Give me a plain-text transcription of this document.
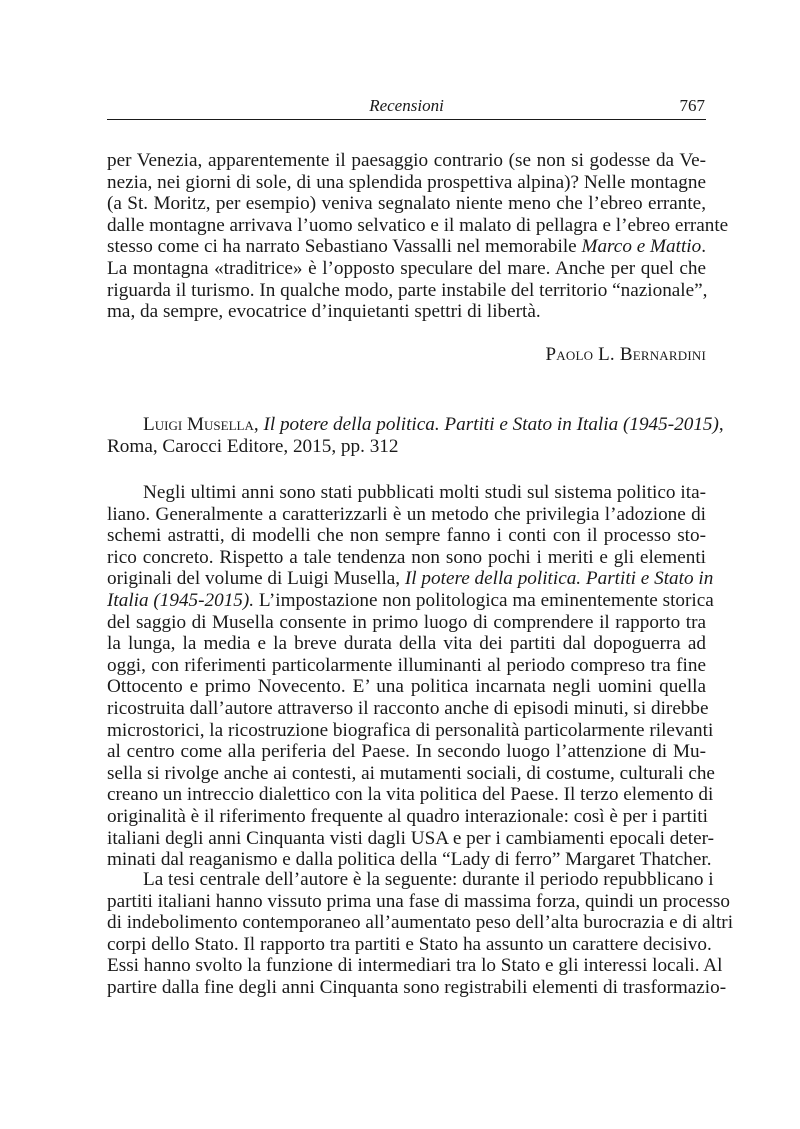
Recensioni	767
per Venezia, apparentemente il paesaggio contrario (se non si godesse da Ve-
nezia, nei giorni di sole, di una splendida prospettiva alpina)? Nelle montagne
(a St. Moritz, per esempio) veniva segnalato niente meno che l’ebreo errante,
dalle montagne arrivava l’uomo selvatico e il malato di pellagra e l’ebreo errante
stesso come ci ha narrato Sebastiano Vassalli nel memorabile Marco e Mattio.
La montagna «traditrice» è l’opposto speculare del mare. Anche per quel che
riguarda il turismo. In qualche modo, parte instabile del territorio “nazionale”,
ma, da sempre, evocatrice d’inquietanti spettri di libertà.
Paolo L. Bernardini
Luigi Musella, Il potere della politica. Partiti e Stato in Italia (1945-2015),
Roma, Carocci Editore, 2015, pp. 312
Negli ultimi anni sono stati pubblicati molti studi sul sistema politico ita-
liano. Generalmente a caratterizzarli è un metodo che privilegia l’adozione di
schemi astratti, di modelli che non sempre fanno i conti con il processo sto-
rico concreto. Rispetto a tale tendenza non sono pochi i meriti e gli elementi
originali del volume di Luigi Musella, Il potere della politica. Partiti e Stato in
Italia (1945-2015). L’impostazione non politologica ma eminentemente storica
del saggio di Musella consente in primo luogo di comprendere il rapporto tra
la lunga, la media e la breve durata della vita dei partiti dal dopoguerra ad
oggi, con riferimenti particolarmente illuminanti al periodo compreso tra fine
Ottocento e primo Novecento. E’ una politica incarnata negli uomini quella
ricostruita dall’autore attraverso il racconto anche di episodi minuti, si direbbe
microstorici, la ricostruzione biografica di personalità particolarmente rilevanti
al centro come alla periferia del Paese. In secondo luogo l’attenzione di Mu-
sella si rivolge anche ai contesti, ai mutamenti sociali, di costume, culturali che
creano un intreccio dialettico con la vita politica del Paese. Il terzo elemento di
originalità è il riferimento frequente al quadro interazionale: così è per i partiti
italiani degli anni Cinquanta visti dagli USA e per i cambiamenti epocali deter-
minati dal reaganismo e dalla politica della “Lady di ferro” Margaret Thatcher.
La tesi centrale dell’autore è la seguente: durante il periodo repubblicano i
partiti italiani hanno vissuto prima una fase di massima forza, quindi un processo
di indebolimento contemporaneo all’aumentato peso dell’alta burocrazia e di altri
corpi dello Stato. Il rapporto tra partiti e Stato ha assunto un carattere decisivo.
Essi hanno svolto la funzione di intermediari tra lo Stato e gli interessi locali. Al
partire dalla fine degli anni Cinquanta sono registrabili elementi di trasformazio-
